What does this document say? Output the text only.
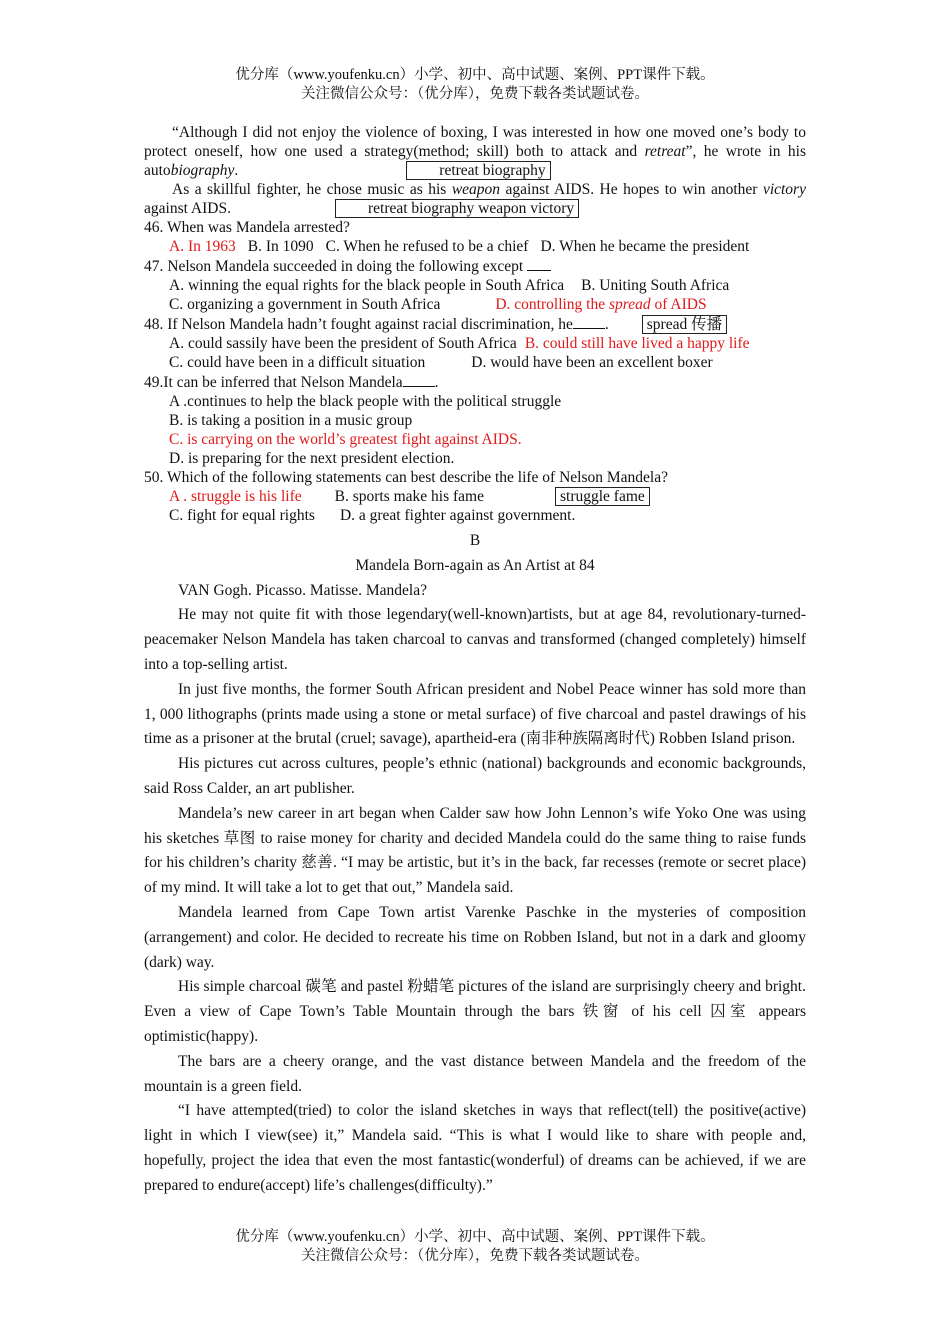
优分库（www.youfenku.cn）小学、初中、高中试题、案例、PPT课件下载。
关注微信公众号：（优分库），免费下载各类试题试卷。
“Although I did not enjoy the violence of boxing, I was interested in how one moved one’s body to protect oneself, how one used a strategy(method; skill) both to attack and retreat”, he wrote in his autobiography.	retreat biography
As a skillful fighter, he chose music as his weapon against AIDS. He hopes to win another victory against AIDS.	retreat biography weapon victory
46. When was Mandela arrested?
A. In 1963 B. In 1090 C. When he refused to be a chief D. When he became the president
47. Nelson Mandela succeeded in doing the following except
A. winning the equal rights for the black people in South Africa B. Uniting South Africa
C. organizing a government in South Africa	D. controlling the spread of AIDS
48. If Nelson Mandela hadn’t fought against racial discrimination, he . spread 传播
A. could sassily have been the president of South Africa B. could still have lived a happy life
C. could have been in a difficult situation	D. would have been an excellent boxer
49.It can be inferred that Nelson Mandela .
A .continues to help the black people with the political struggle
B. is taking a position in a music group
C. is carrying on the world’s greatest fight against AIDS.
D. is preparing for the next president election.
50. Which of the following statements can best describe the life of Nelson Mandela?
A . struggle is his life B. sports make his fame	struggle fame
C. fight for equal rights D. a great fighter against government.
B
Mandela Born-again as An Artist at 84
VAN Gogh. Picasso. Matisse. Mandela?
He may not quite fit with those legendary(well-known)artists, but at age 84, revolutionary-turned-peacemaker Nelson Mandela has taken charcoal to canvas and transformed (changed completely) himself into a top-selling artist.
In just five months, the former South African president and Nobel Peace winner has sold more than 1, 000 lithographs (prints made using a stone or metal surface) of five charcoal and pastel drawings of his time as a prisoner at the brutal (cruel; savage), apartheid-era (南非种族隔离时代) Robben Island prison.
His pictures cut across cultures, people’s ethnic (national) backgrounds and economic backgrounds, said Ross Calder, an art publisher.
Mandela’s new career in art began when Calder saw how John Lennon’s wife Yoko One was using his sketches 草图 to raise money for charity and decided Mandela could do the same thing to raise funds for his children’s charity 慈善. “I may be artistic, but it’s in the back, far recesses (remote or secret place) of my mind. It will take a lot to get that out,” Mandela said.
Mandela learned from Cape Town artist Varenke Paschke in the mysteries of composition (arrangement) and color. He decided to recreate his time on Robben Island, but not in a dark and gloomy (dark) way.
His simple charcoal 碳笔 and pastel 粉蜡笔 pictures of the island are surprisingly cheery and bright. Even a view of Cape Town’s Table Mountain through the bars 铁窗 of his cell 囚室 appears optimistic(happy).
The bars are a cheery orange, and the vast distance between Mandela and the freedom of the mountain is a green field.
“I have attempted(tried) to color the island sketches in ways that reflect(tell) the positive(active) light in which I view(see) it,” Mandela said. “This is what I would like to share with people and, hopefully, project the idea that even the most fantastic(wonderful) of dreams can be achieved, if we are prepared to endure(accept) life’s challenges(difficulty).”
优分库（www.youfenku.cn）小学、初中、高中试题、案例、PPT课件下载。
关注微信公众号：（优分库），免费下载各类试题试卷。
